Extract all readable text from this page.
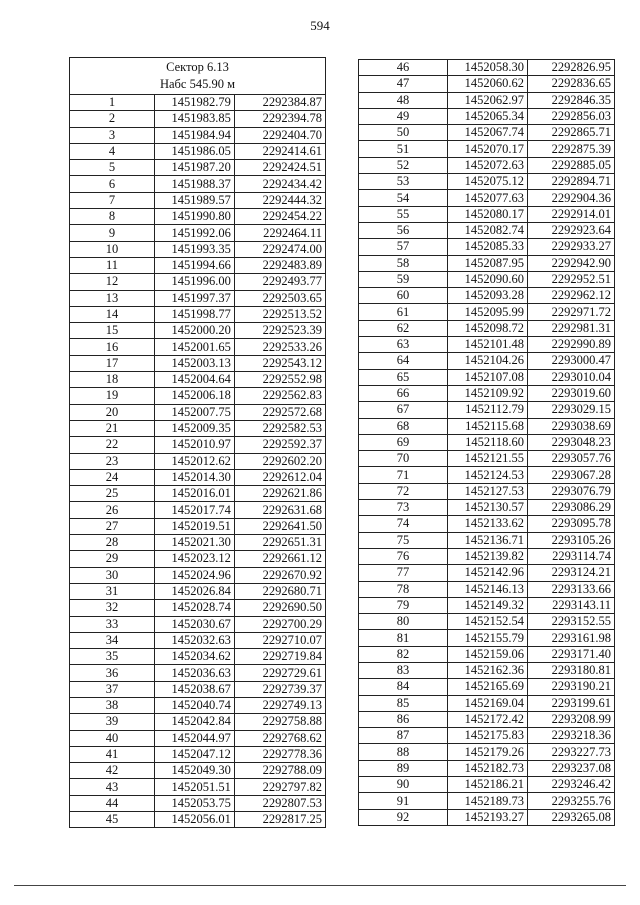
594
Сектор 6.13
Набс 545.90 м		

1	1451982.79	2292384.87
2	1451983.85	2292394.78
3	1451984.94	2292404.70
4	1451986.05	2292414.61
5	1451987.20	2292424.51
6	1451988.37	2292434.42
7	1451989.57	2292444.32
8	1451990.80	2292454.22
9	1451992.06	2292464.11
10	1451993.35	2292474.00
11	1451994.66	2292483.89
12	1451996.00	2292493.77
13	1451997.37	2292503.65
14	1451998.77	2292513.52
15	1452000.20	2292523.39
16	1452001.65	2292533.26
17	1452003.13	2292543.12
18	1452004.64	2292552.98
19	1452006.18	2292562.83
20	1452007.75	2292572.68
21	1452009.35	2292582.53
22	1452010.97	2292592.37
23	1452012.62	2292602.20
24	1452014.30	2292612.04
25	1452016.01	2292621.86
26	1452017.74	2292631.68
27	1452019.51	2292641.50
28	1452021.30	2292651.31
29	1452023.12	2292661.12
30	1452024.96	2292670.92
31	1452026.84	2292680.71
32	1452028.74	2292690.50
33	1452030.67	2292700.29
34	1452032.63	2292710.07
35	1452034.62	2292719.84
36	1452036.63	2292729.61
37	1452038.67	2292739.37
38	1452040.74	2292749.13
39	1452042.84	2292758.88
40	1452044.97	2292768.62
41	1452047.12	2292778.36
42	1452049.30	2292788.09
43	1452051.51	2292797.82
44	1452053.75	2292807.53
45	1452056.01	2292817.25
46	1452058.30	2292826.95
47	1452060.62	2292836.65
48	1452062.97	2292846.35
49	1452065.34	2292856.03
50	1452067.74	2292865.71
51	1452070.17	2292875.39
52	1452072.63	2292885.05
53	1452075.12	2292894.71
54	1452077.63	2292904.36
55	1452080.17	2292914.01
56	1452082.74	2292923.64
57	1452085.33	2292933.27
58	1452087.95	2292942.90
59	1452090.60	2292952.51
60	1452093.28	2292962.12
61	1452095.99	2292971.72
62	1452098.72	2292981.31
63	1452101.48	2292990.89
64	1452104.26	2293000.47
65	1452107.08	2293010.04
66	1452109.92	2293019.60
67	1452112.79	2293029.15
68	1452115.68	2293038.69
69	1452118.60	2293048.23
70	1452121.55	2293057.76
71	1452124.53	2293067.28
72	1452127.53	2293076.79
73	1452130.57	2293086.29
74	1452133.62	2293095.78
75	1452136.71	2293105.26
76	1452139.82	2293114.74
77	1452142.96	2293124.21
78	1452146.13	2293133.66
79	1452149.32	2293143.11
80	1452152.54	2293152.55
81	1452155.79	2293161.98
82	1452159.06	2293171.40
83	1452162.36	2293180.81
84	1452165.69	2293190.21
85	1452169.04	2293199.61
86	1452172.42	2293208.99
87	1452175.83	2293218.36
88	1452179.26	2293227.73
89	1452182.73	2293237.08
90	1452186.21	2293246.42
91	1452189.73	2293255.76
92	1452193.27	2293265.08
